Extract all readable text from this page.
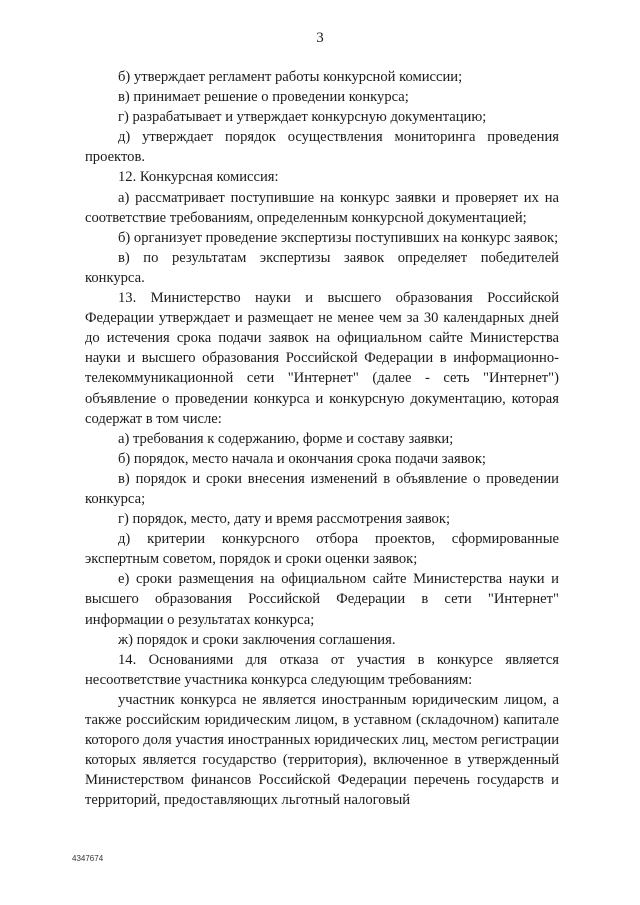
3

б) утверждает регламент работы конкурсной комиссии;

в) принимает решение о проведении конкурса;

г) разрабатывает и утверждает конкурсную документацию;

д) утверждает порядок осуществления мониторинга проведения проектов.

12. Конкурсная комиссия:

а) рассматривает поступившие на конкурс заявки и проверяет их на соответствие требованиям, определенным конкурсной документацией;

б) организует проведение экспертизы поступивших на конкурс заявок;

в) по результатам экспертизы заявок определяет победителей конкурса.

13. Министерство науки и высшего образования Российской Федерации утверждает и размещает не менее чем за 30 календарных дней до истечения срока подачи заявок на официальном сайте Министерства науки и высшего образования Российской Федерации в информационно-телекоммуникационной сети "Интернет" (далее - сеть "Интернет") объявление о проведении конкурса и конкурсную документацию, которая содержат в том числе:

а) требования к содержанию, форме и составу заявки;

б) порядок, место начала и окончания срока подачи заявок;

в) порядок и сроки внесения изменений в объявление о проведении конкурса;

г) порядок, место, дату и время рассмотрения заявок;

д) критерии конкурсного отбора проектов, сформированные экспертным советом, порядок и сроки оценки заявок;

е) сроки размещения на официальном сайте Министерства науки и высшего образования Российской Федерации в сети "Интернет" информации о результатах конкурса;

ж) порядок и сроки заключения соглашения.

14. Основаниями для отказа от участия в конкурсе является несоответствие участника конкурса следующим требованиям:

участник конкурса не является иностранным юридическим лицом, а также российским юридическим лицом, в уставном (складочном) капитале которого доля участия иностранных юридических лиц, местом регистрации которых является государство (территория), включенное в утвержденный Министерством финансов Российской Федерации перечень государств и территорий, предоставляющих льготный налоговый

4347674
